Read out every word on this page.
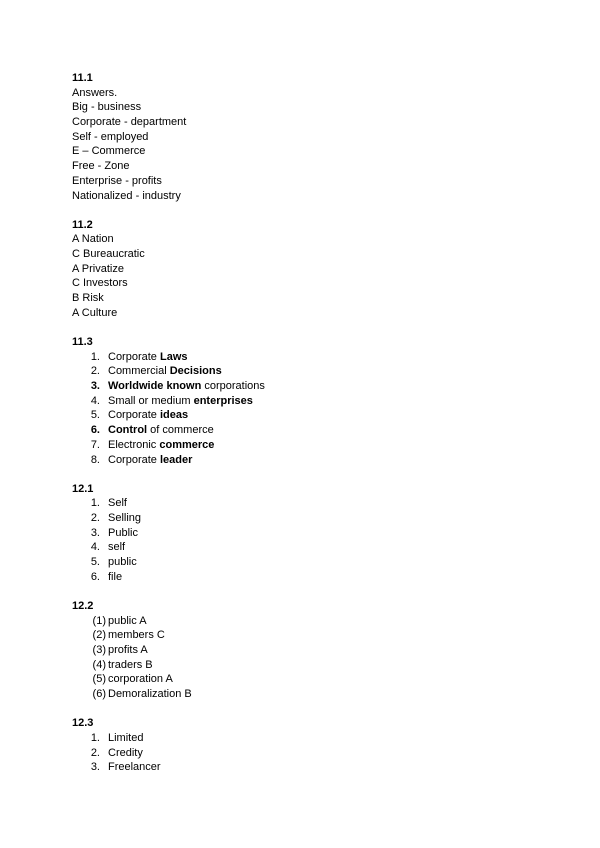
11.1
Answers.
Big - business
Corporate - department
Self - employed
E – Commerce
Free - Zone
Enterprise - profits
Nationalized - industry
11.2
A Nation
C Bureaucratic
A Privatize
C Investors
B Risk
A Culture
11.3
1. Corporate Laws
2. Commercial Decisions
3. Worldwide known corporations
4. Small or medium enterprises
5. Corporate ideas
6. Control of commerce
7. Electronic commerce
8. Corporate leader
12.1
1. Self
2. Selling
3. Public
4. self
5. public
6. file
12.2
(1) public A
(2) members C
(3) profits A
(4) traders B
(5) corporation A
(6) Demoralization B
12.3
1. Limited
2. Credity
3. Freelancer
